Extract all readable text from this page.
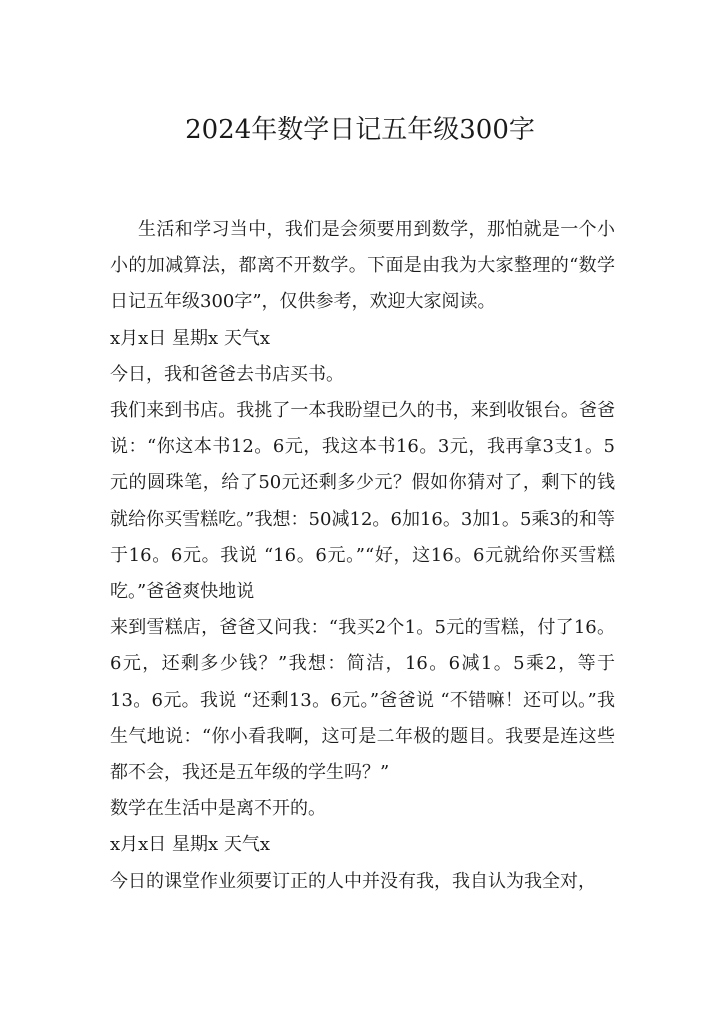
2024年数学日记五年级300字

生活和学习当中，我们是会须要用到数学，那怕就是一个小小的加减算法，都离不开数学。下面是由我为大家整理的“数学日记五年级300字”，仅供参考，欢迎大家阅读。

x月x日 星期x 天气x

今日，我和爸爸去书店买书。

我们来到书店。我挑了一本我盼望已久的书，来到收银台。爸爸说：“你这本书12。6元，我这本书16。3元，我再拿3支1。5元的圆珠笔，给了50元还剩多少元？假如你猜对了，剩下的钱就给你买雪糕吃。”我想：50减12。6加16。3加1。5乘3的和等于16。6元。我说 “16。6元。”“好，这16。6元就给你买雪糕吃。”爸爸爽快地说

来到雪糕店，爸爸又问我：“我买2个1。5元的雪糕，付了16。6元，还剩多少钱？”我想：简洁，16。6减1。5乘2，等于13。6元。我说 “还剩13。6元。”爸爸说 “不错嘛！还可以。”我生气地说：“你小看我啊，这可是二年极的题目。我要是连这些都不会，我还是五年级的学生吗？”

数学在生活中是离不开的。

x月x日 星期x 天气x

今日的课堂作业须要订正的人中并没有我，我自认为我全对，
